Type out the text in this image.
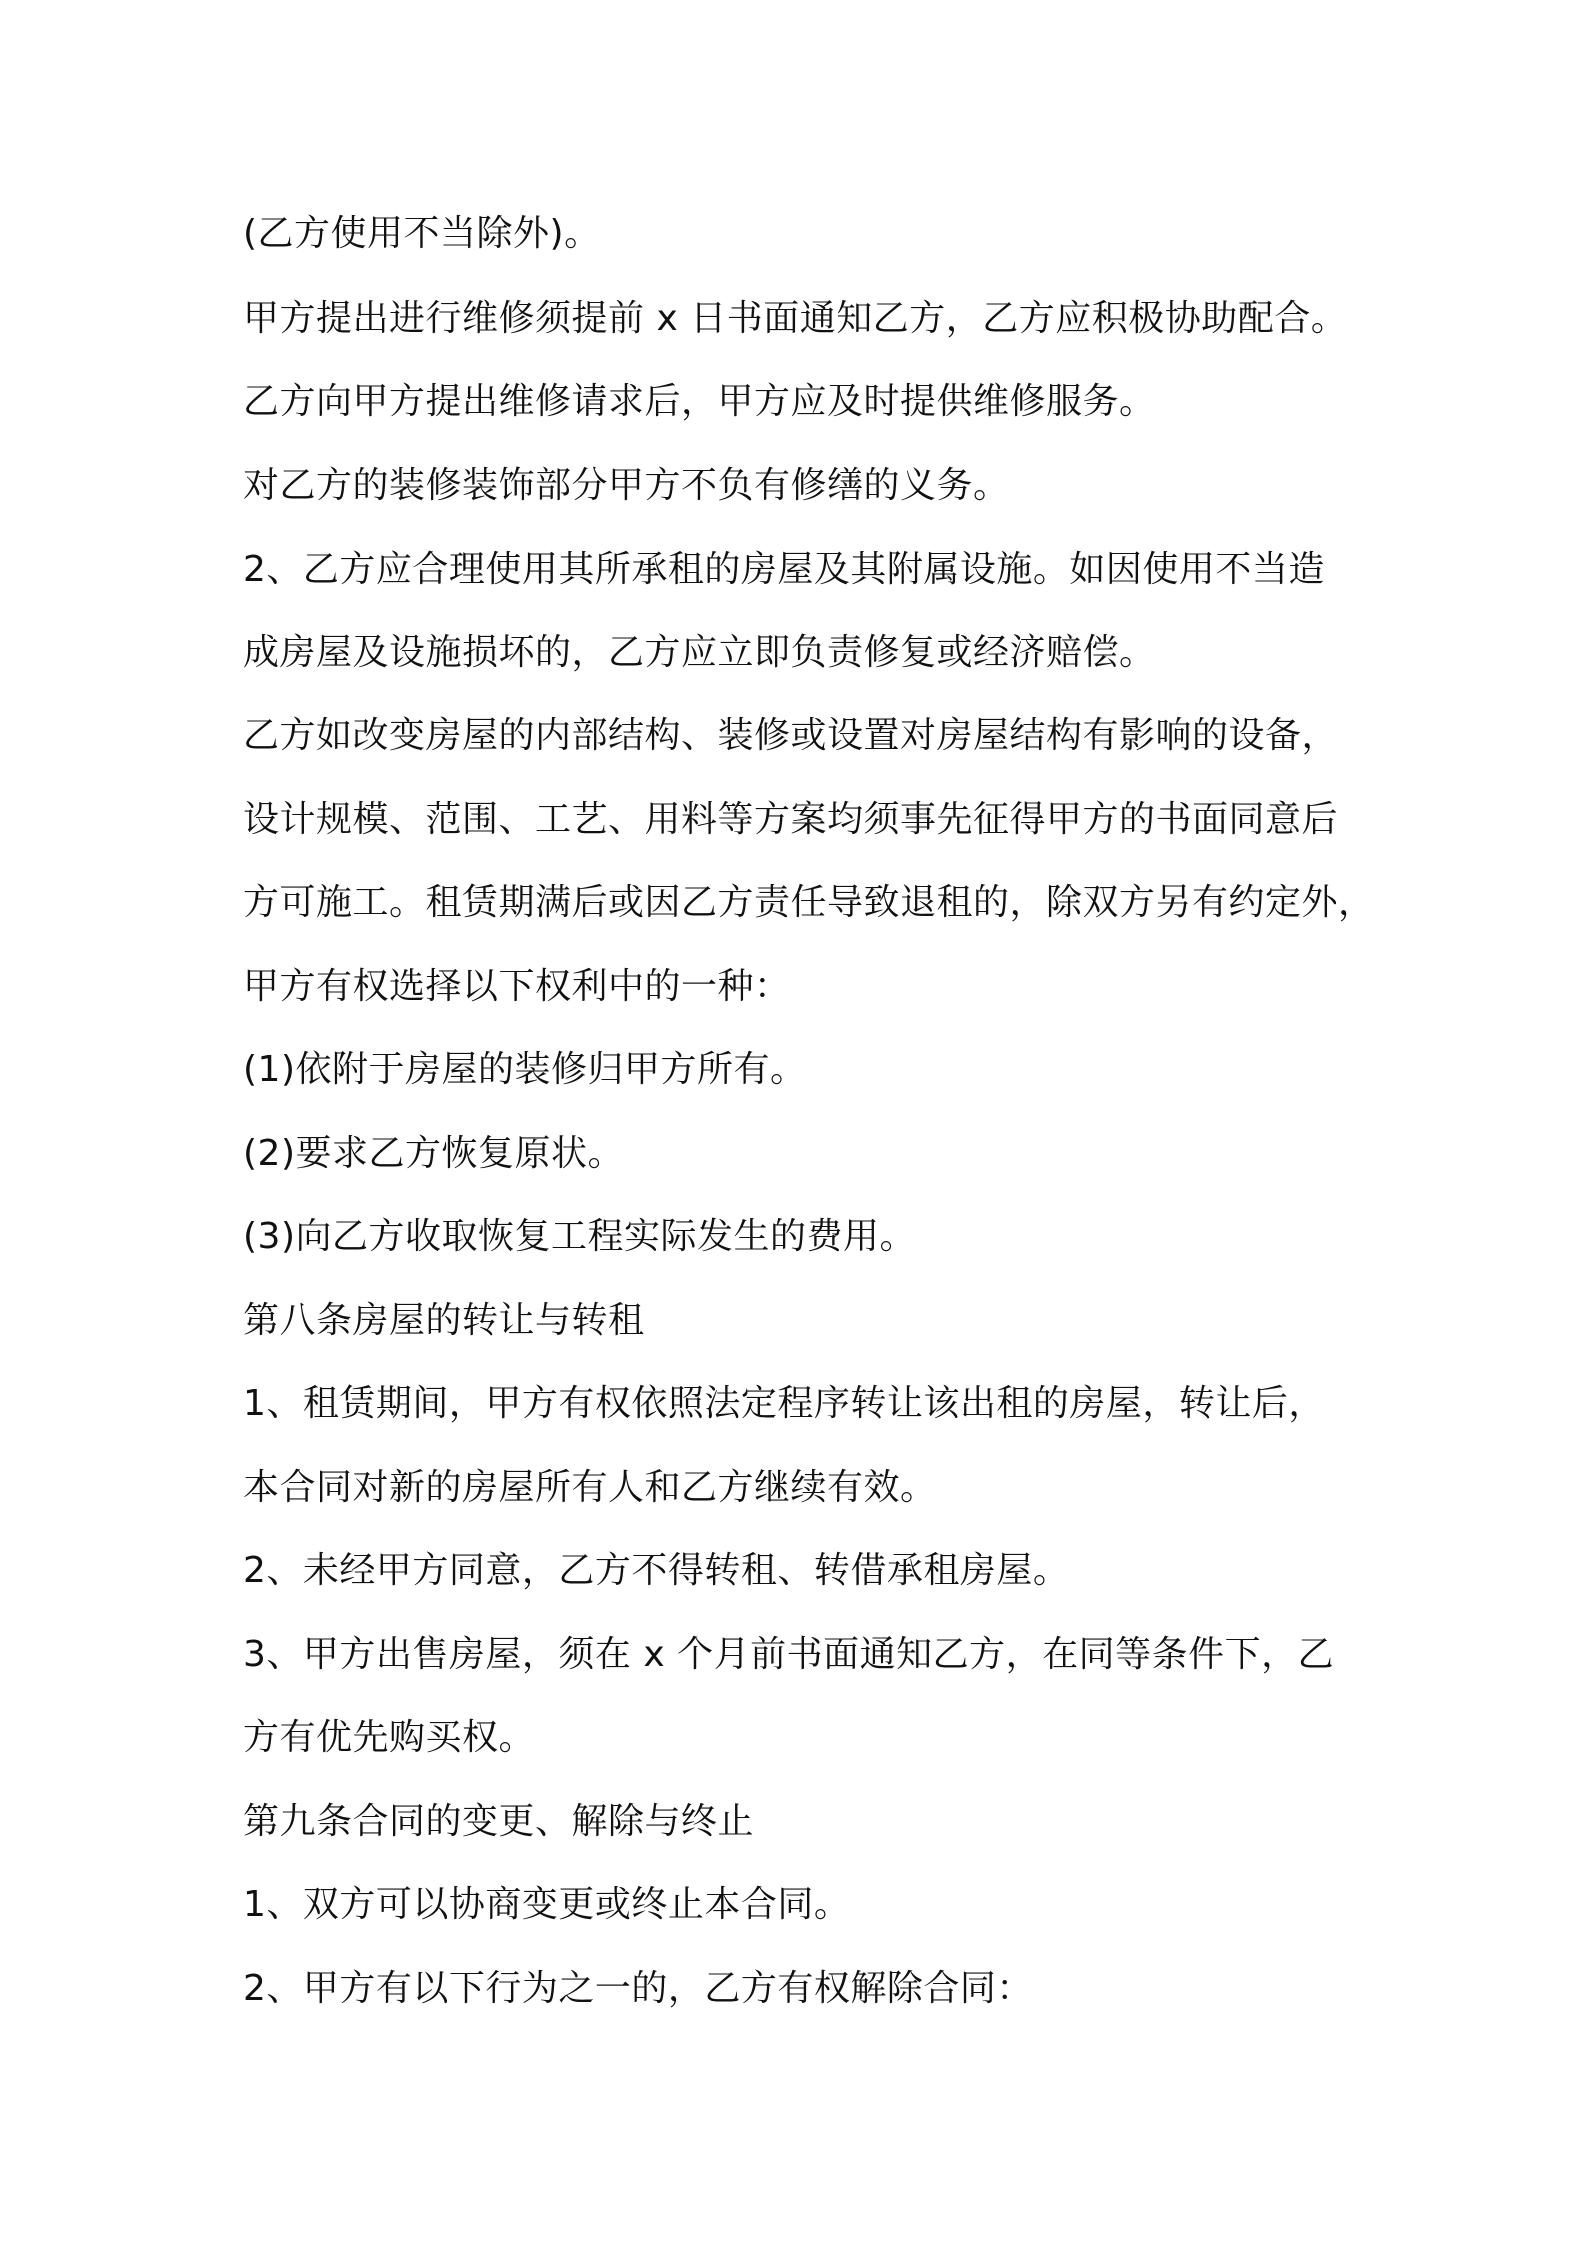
(乙方使用不当除外)。
甲方提出进行维修须提前 x 日书面通知乙方，乙方应积极协助配合。
乙方向甲方提出维修请求后，甲方应及时提供维修服务。
对乙方的装修装饰部分甲方不负有修缮的义务。
2、乙方应合理使用其所承租的房屋及其附属设施。如因使用不当造
成房屋及设施损坏的，乙方应立即负责修复或经济赔偿。
乙方如改变房屋的内部结构、装修或设置对房屋结构有影响的设备，
设计规模、范围、工艺、用料等方案均须事先征得甲方的书面同意后
方可施工。租赁期满后或因乙方责任导致退租的，除双方另有约定外，
甲方有权选择以下权利中的一种：
(1)依附于房屋的装修归甲方所有。
(2)要求乙方恢复原状。
(3)向乙方收取恢复工程实际发生的费用。
第八条房屋的转让与转租
1、租赁期间，甲方有权依照法定程序转让该出租的房屋，转让后，
本合同对新的房屋所有人和乙方继续有效。
2、未经甲方同意，乙方不得转租、转借承租房屋。
3、甲方出售房屋，须在 x 个月前书面通知乙方，在同等条件下，乙
方有优先购买权。
第九条合同的变更、解除与终止
1、双方可以协商变更或终止本合同。
2、甲方有以下行为之一的，乙方有权解除合同：
